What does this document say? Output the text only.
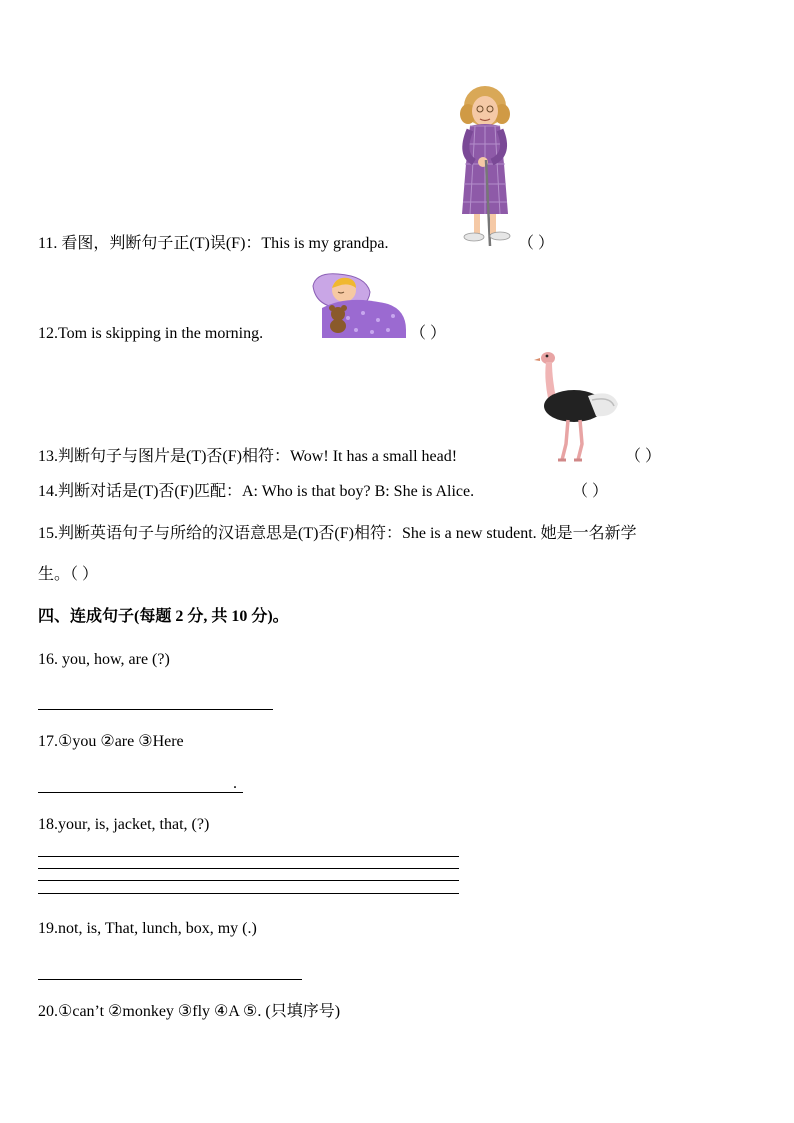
11. 看图，判断句子正(T)误(F)：This is my grandpa.	（ ）
12.Tom is skipping in the morning.	（ ）
13.判断句子与图片是(T)否(F)相符：Wow! It has a small head!	（ ）
14.判断对话是(T)否(F)匹配：A: Who is that boy? B: She is Alice.	（ ）
15.判断英语句子与所给的汉语意思是(T)否(F)相符：She is a new student. 她是一名新学
生。（ ）
四、连成句子(每题 2 分, 共 10 分)。
16. you, how, are (?)
17.①you ②are ③Here
.
18.your, is, jacket, that, (?)
19.not, is, That, lunch, box, my (.)
20.①can’t ②monkey ③fly ④A ⑤. (只填序号)
